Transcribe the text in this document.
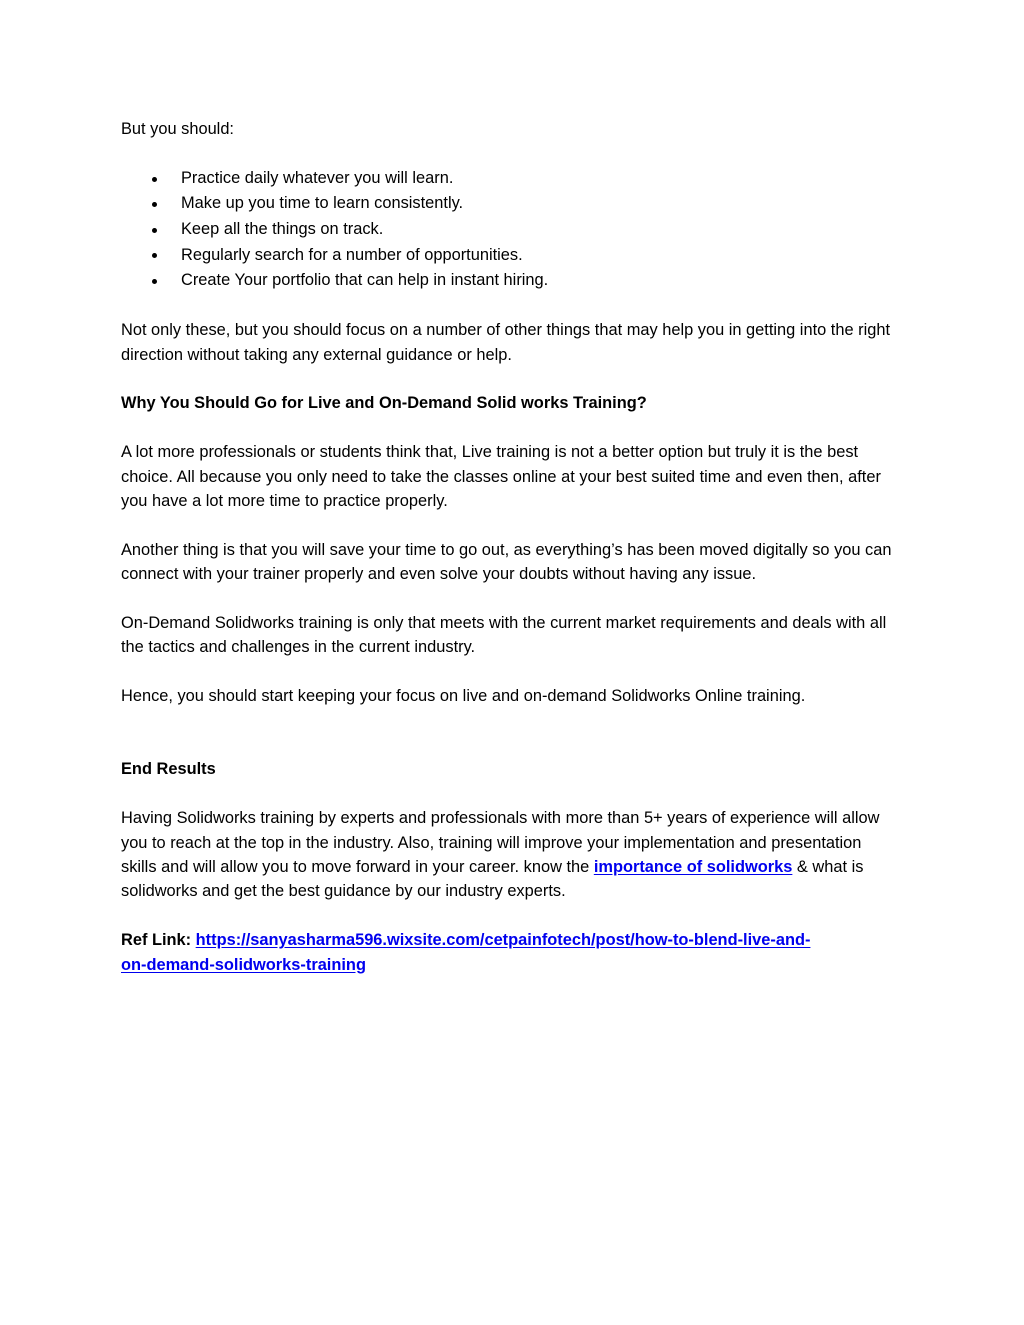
But you should:

Practice daily whatever you will learn.
Make up you time to learn consistently.
Keep all the things on track.
Regularly search for a number of opportunities.
Create Your portfolio that can help in instant hiring.

Not only these, but you should focus on a number of other things that may help you in getting into the right direction without taking any external guidance or help.

Why You Should Go for Live and On-Demand Solid works Training?

A lot more professionals or students think that, Live training is not a better option but truly it is the best choice. All because you only need to take the classes online at your best suited time and even then, after you have a lot more time to practice properly.

Another thing is that you will save your time to go out, as everything’s has been moved digitally so you can connect with your trainer properly and even solve your doubts without having any issue.

On-Demand Solidworks training is only that meets with the current market requirements and deals with all the tactics and challenges in the current industry.

Hence, you should start keeping your focus on live and on-demand Solidworks Online training.

End Results

Having Solidworks training by experts and professionals with more than 5+ years of experience will allow you to reach at the top in the industry. Also, training will improve your implementation and presentation skills and will allow you to move forward in your career. know the importance of solidworks & what is solidworks and get the best guidance by our industry experts.

Ref Link: https://sanyasharma596.wixsite.com/cetpainfotech/post/how-to-blend-live-and-
on-demand-solidworks-training
